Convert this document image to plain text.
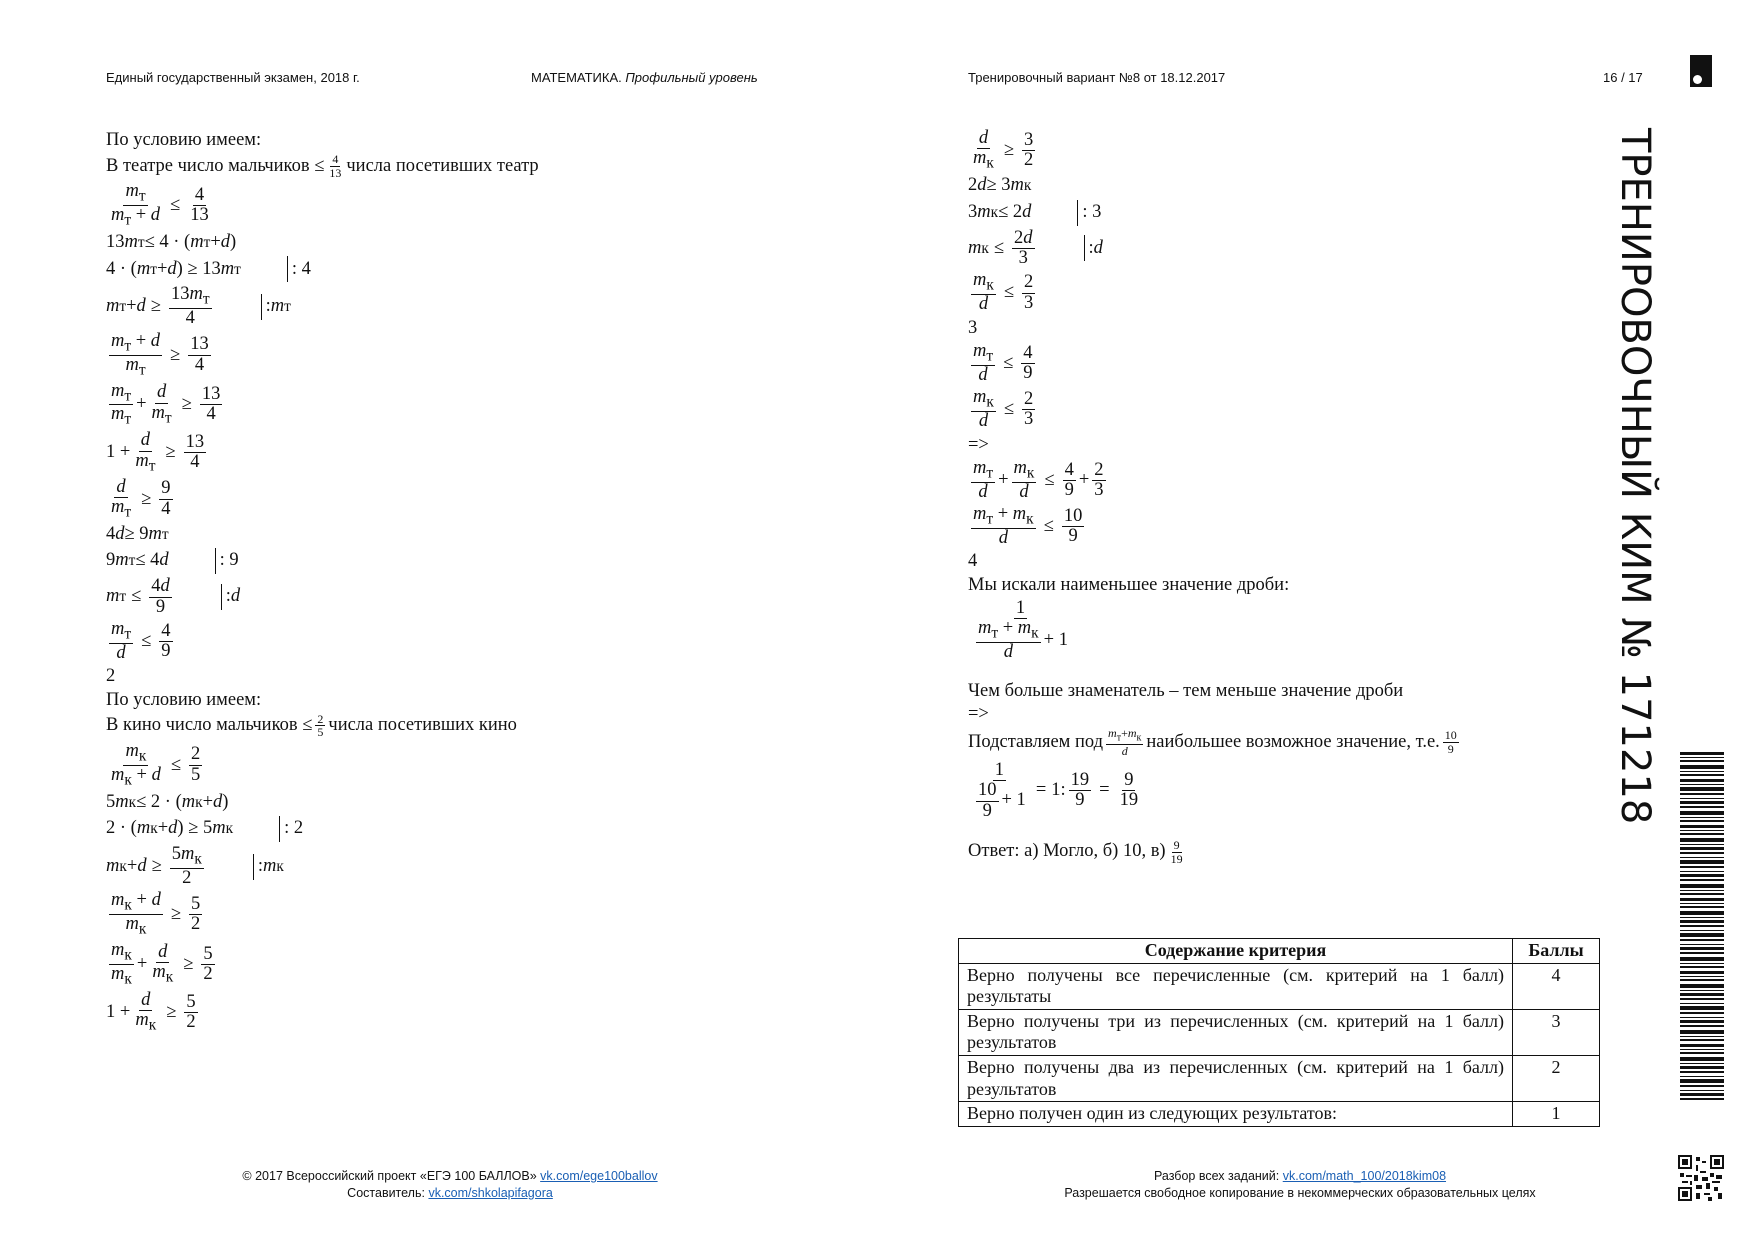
Единый государственный экзамен, 2018 г.	МАТЕМАТИКА. Профильный уровень	Тренировочный вариант №8 от 18.12.2017	16 / 17
ТРЕНИРОВОЧНЫЙ КИМ № 171218
По условию имеем:
В театре число мальчиков ≤ $\frac{4}{13}$ числа посетивших театр
$\frac{m_т}{m_т + d} \le \frac{4}{13}$
13 m т ≤ 4 · ( m т + d )
4 · ( m т + d ) ≥ 13 m т	: 4
m $т + d \ge \frac{13m_т}{4}$	: m т
$\frac{m_т + d}{m_т} \ge \frac{13}{4}$
$\frac{m_т}{m_т} + \frac{d}{m_т} \ge \frac{13}{4}$
$1 + \frac{d}{m_т} \ge \frac{13}{4}$
$\frac{d}{m_т} \ge \frac{9}{4}$
4 d ≥ 9 m т
9 m т ≤ 4 d	: 9
m $т \le \frac{4d}{9}$	: d
$\frac{m_т}{d} \le \frac{4}{9}$
2
По условию имеем:
В кино число мальчиков ≤ $\frac{2}{5}$ числа посетивших кино
$\frac{m_к}{m_к + d} \le \frac{2}{5}$
5 m к ≤ 2 · ( m к + d )
2 · ( m к + d ) ≥ 5 m к	: 2
m $к + d \ge \frac{5m_к}{2}$	: m к
$\frac{m_к + d}{m_к} \ge \frac{5}{2}$
$\frac{m_к}{m_к} + \frac{d}{m_к} \ge \frac{5}{2}$
$1 + \frac{d}{m_к} \ge \frac{5}{2}$
$\frac{d}{m_к} \ge \frac{3}{2}$
2 d ≥ 3 m к
3 m к ≤ 2 d	: 3
m $к \le \frac{2d}{3}$	: d
$\frac{m_к}{d} \le \frac{2}{3}$
3
$\frac{m_т}{d} \le \frac{4}{9}$
$\frac{m_к}{d} \le \frac{2}{3}$
=>
$\frac{m_т}{d} + \frac{m_к}{d} \le \frac{4}{9} + \frac{2}{3}$
$\frac{m_т + m_к}{d} \le \frac{10}{9}$
4
Мы искали наименьшее значение дроби:
$\frac{1}{\frac{m_т + m_к}{d} + 1}$
Чем больше знаменатель – тем меньше значение дроби
=>
Подставляем под $\frac{m_т+m_к}{d}$ наибольшее возможное значение, т.е. $\frac{10}{9}$
$\frac{1}{\frac{10}{9} + 1} = 1$: $\frac{19}{9} = \frac{9}{19}$
Ответ: а) Могло, б) 10, $в) \frac{9}{19}$
Содержание критерия	Баллы
Верно получены все перечисленные (см. критерий на 1 балл) результаты	4
Верно получены три из перечисленных (см. критерий на 1 балл) результатов	3
Верно получены два из перечисленных (см. критерий на 1 балл) результатов	2
Верно получен один из следующих результатов:	1
© 2017 Всероссийский проект «ЕГЭ 100 БАЛЛОВ» vk.com/ege100ballov
Составитель: vk.com/shkolapifagora
Разбор всех заданий: vk.com/math_100/2018kim08
Разрешается свободное копирование в некоммерческих образовательных целях
